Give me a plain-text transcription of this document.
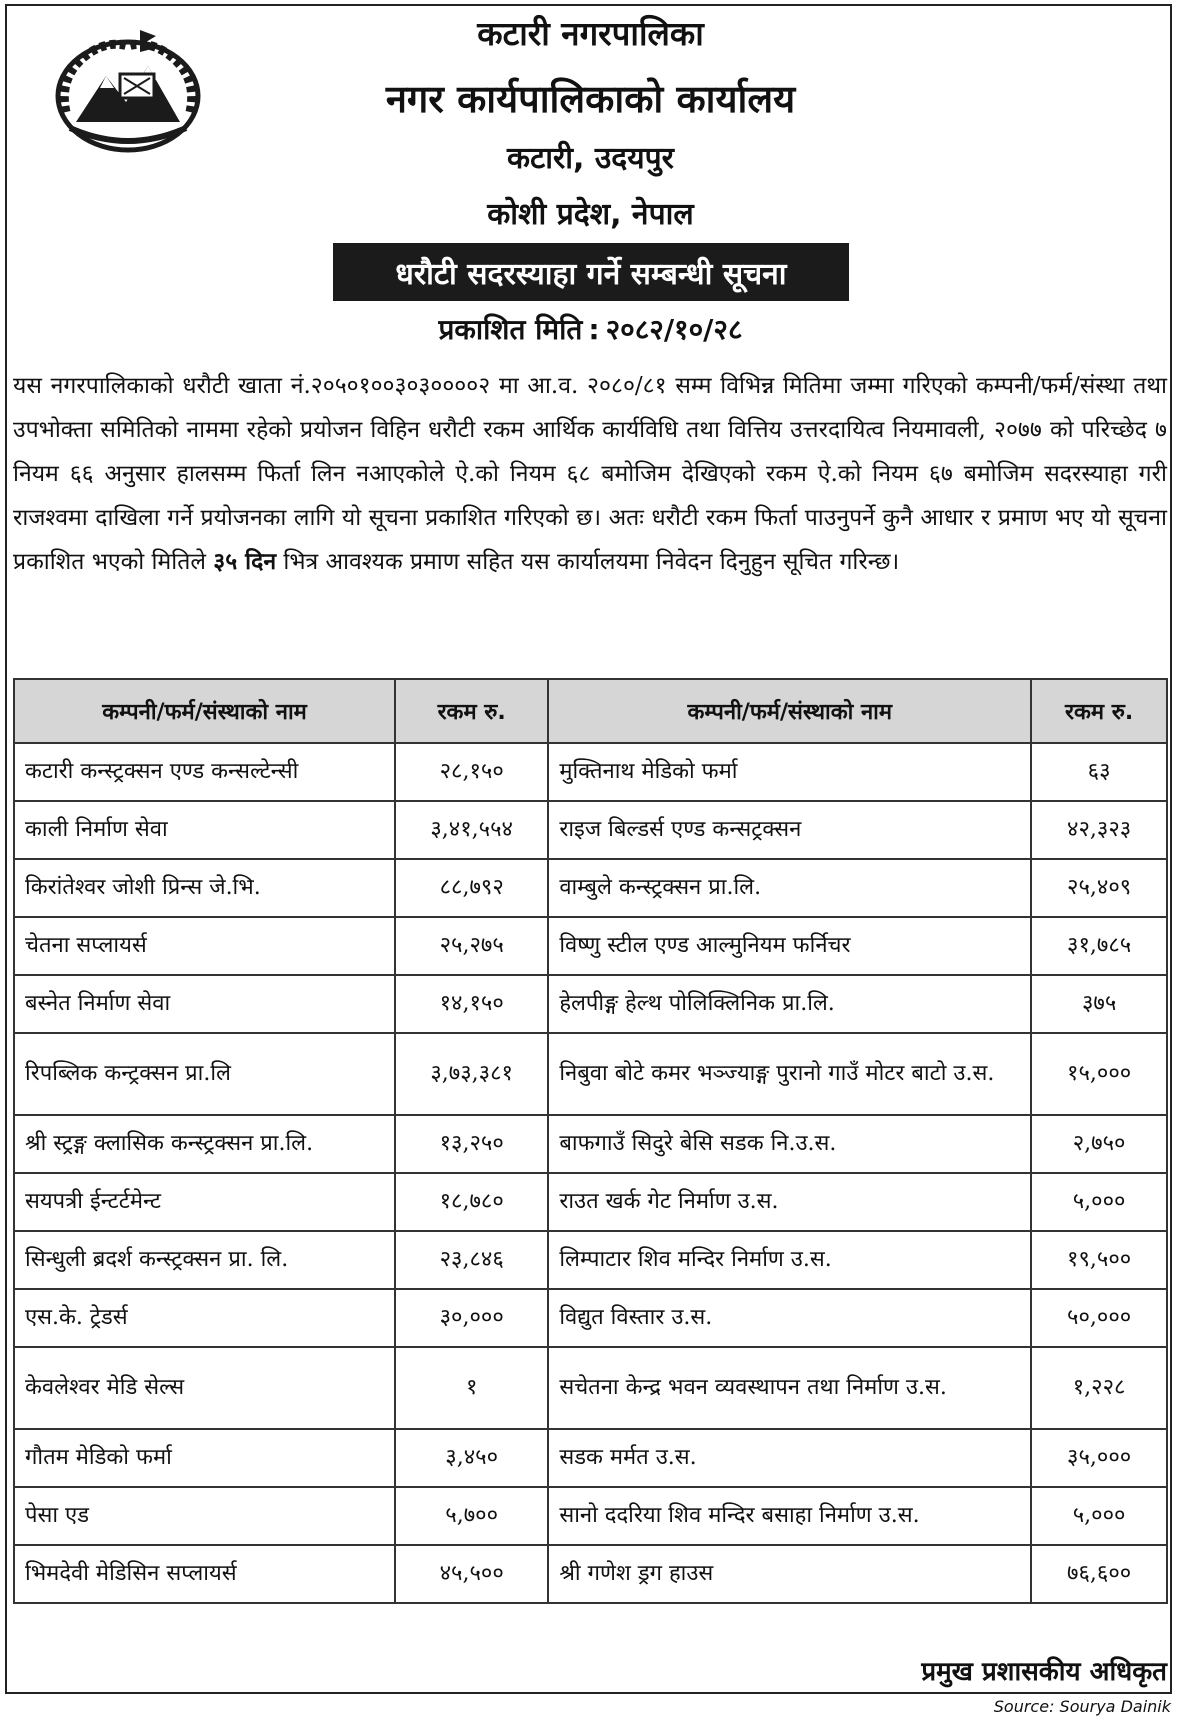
कटारी नगरपालिका
नगर कार्यपालिकाको कार्यालय
कटारी, उदयपुर
कोशी प्रदेश, नेपाल
धरौटी सदरस्याहा गर्ने सम्बन्धी सूचना
प्रकाशित मिति : २०८२/१०/२८
यस नगरपालिकाको धरौटी खाता नं.२०५०१००३०३००००२ मा आ.व. २०८०/८१ सम्म विभिन्न मितिमा जम्मा गरिएको कम्पनी/फर्म/संस्था तथा उपभोक्ता समितिको नाममा रहेको प्रयोजन विहिन धरौटी रकम आर्थिक कार्यविधि तथा वित्तिय उत्तरदायित्व नियमावली, २०७७ को परिच्छेद ७ नियम ६६ अनुसार हालसम्म फिर्ता लिन नआएकोले ऐ.को नियम ६८ बमोजिम देखिएको रकम ऐ.को नियम ६७ बमोजिम सदरस्याहा गरी राजश्वमा दाखिला गर्ने प्रयोजनका लागि यो सूचना प्रकाशित गरिएको छ। अतः धरौटी रकम फिर्ता पाउनुपर्ने कुनै आधार र प्रमाण भए यो सूचना प्रकाशित भएको मितिले ३५ दिन भित्र आवश्यक प्रमाण सहित यस कार्यालयमा निवेदन दिनुहुन सूचित गरिन्छ।
कम्पनी/फर्म/संस्थाको नाम	रकम रु.	कम्पनी/फर्म/संस्थाको नाम	रकम रु.
कटारी कन्स्ट्रक्सन एण्ड कन्सल्टेन्सी	२८,१५०	मुक्तिनाथ मेडिको फर्मा	६३
काली निर्माण सेवा	३,४१,५५४	राइज बिल्डर्स एण्ड कन्सट्रक्सन	४२,३२३
किरांतेश्वर जोशी प्रिन्स जे.भि.	८८,७९२	वाम्बुले कन्स्ट्रक्सन प्रा.लि.	२५,४०९
चेतना सप्लायर्स	२५,२७५	विष्णु स्टील एण्ड आल्मुनियम फर्निचर	३१,७८५
बस्नेत निर्माण सेवा	१४,१५०	हेलपीङ्ग हेल्थ पोलिक्लिनिक प्रा.लि.	३७५
रिपब्लिक कन्ट्रक्सन प्रा.लि	३,७३,३८१	निबुवा बोटे कमर भञ्ज्याङ्ग पुरानो गाउँ मोटर बाटो उ.स.	१५,०००
श्री स्ट्रङ्ग क्लासिक कन्स्ट्रक्सन प्रा.लि.	१३,२५०	बाफगाउँ सिदुरे बेसि सडक नि.उ.स.	२,७५०
सयपत्री ईन्टर्टमेन्ट	१८,७८०	राउत खर्क गेट निर्माण उ.स.	५,०००
सिन्धुली ब्रदर्श कन्स्ट्रक्सन प्रा. लि.	२३,८४६	लिम्पाटार शिव मन्दिर निर्माण उ.स.	१९,५००
एस.के. ट्रेडर्स	३०,०००	विद्युत विस्तार उ.स.	५०,०००
केवलेश्वर मेडि सेल्स	१	सचेतना केन्द्र भवन व्यवस्थापन तथा निर्माण उ.स.	१,२२८
गौतम मेडिको फर्मा	३,४५०	सडक मर्मत उ.स.	३५,०००
पेसा एड	५,७००	सानो ददरिया शिव मन्दिर बसाहा निर्माण उ.स.	५,०००
भिमदेवी मेडिसिन सप्लायर्स	४५,५००	श्री गणेश ड्रग हाउस	७६,६००
प्रमुख प्रशासकीय अधिकृत
Source: Sourya Dainik
